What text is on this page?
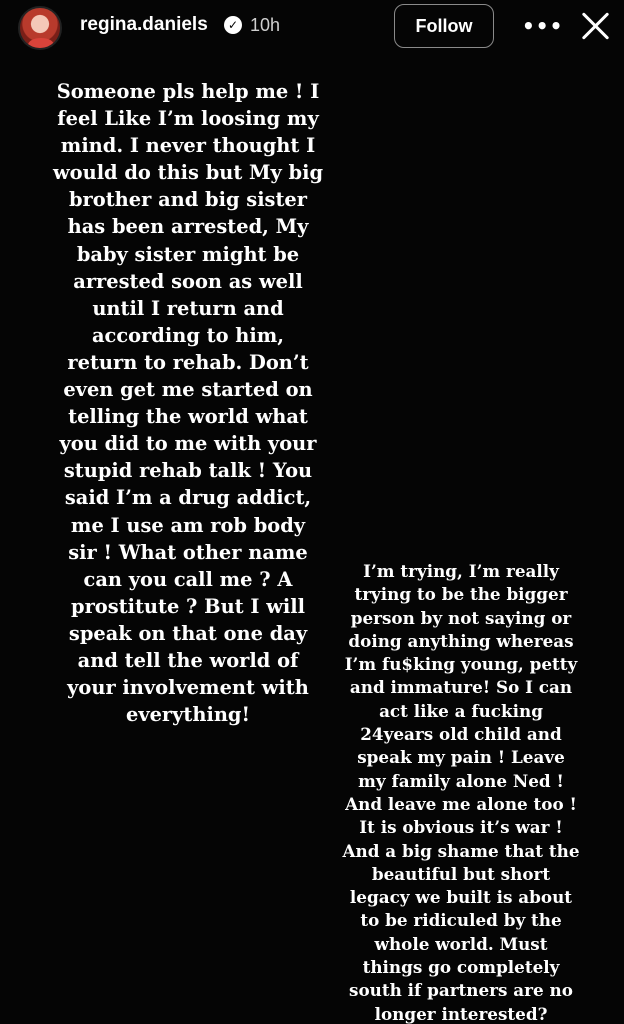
regina.daniels	✓ 10h	Follow	•••
Someone pls help me ! I
feel Like I’m loosing my
mind. I never thought I
would do this but My big
brother and big sister
has been arrested, My
baby sister might be
arrested soon as well
until I return and
according to him,
return to rehab. Don’t
even get me started on
telling the world what
you did to me with your
stupid rehab talk ! You
said I’m a drug addict,
me I use am rob body
sir ! What other name
can you call me ? A
prostitute ? But I will
speak on that one day
and tell the world of
your involvement with
everything!
I’m trying, I’m really
trying to be the bigger
person by not saying or
doing anything whereas
I’m fu$king young, petty
and immature! So I can
act like a fucking
24years old child and
speak my pain ! Leave
my family alone Ned !
And leave me alone too !
It is obvious it’s war !
And a big shame that the
beautiful but short
legacy we built is about
to be ridiculed by the
whole world. Must
things go completely
south if partners are no
longer interested?
